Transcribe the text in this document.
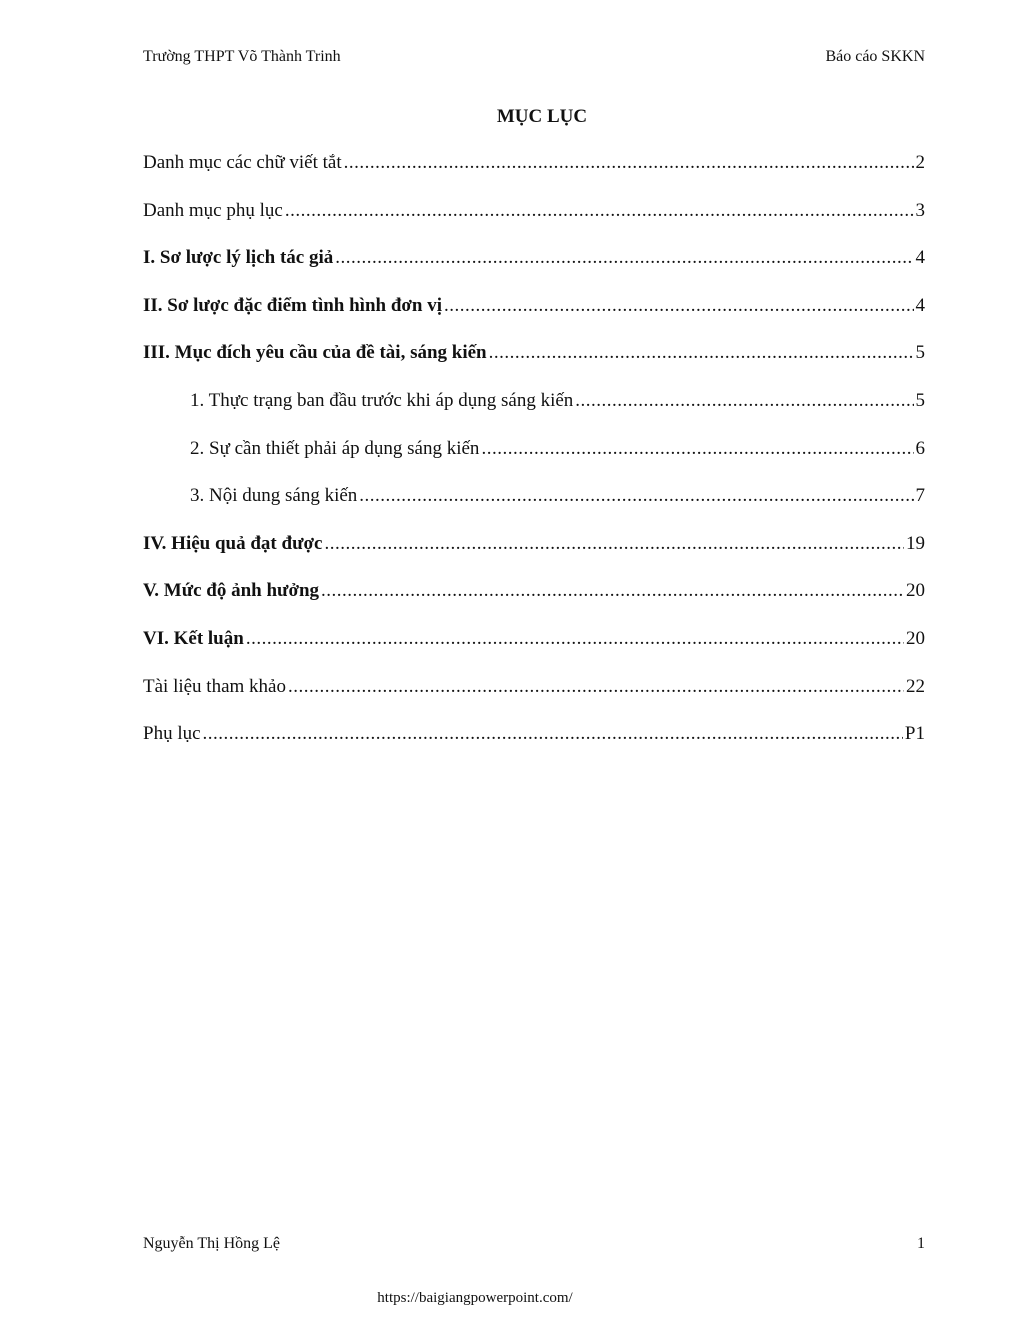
Trường THPT Võ Thành Trinh	Báo cáo SKKN
MỤC LỤC
Danh mục các chữ viết tắt .....	2
Danh mục phụ lục .....	3
I. Sơ lược lý lịch tác giả .....	4
II. Sơ lược đặc điểm tình hình đơn vị .....	4
III. Mục đích yêu cầu của đề tài, sáng kiến .....	5
1. Thực trạng ban đầu trước khi áp dụng sáng kiến .....	5
2. Sự cần thiết phải áp dụng sáng kiến .....	6
3. Nội dung sáng kiến .....	7
IV. Hiệu quả đạt được .....	19
V. Mức độ ảnh hưởng .....	20
VI. Kết luận .....	20
Tài liệu tham khảo .....	22
Phụ lục .....	P1
Nguyễn Thị Hồng Lệ	1
https://baigiangpowerpoint.com/
